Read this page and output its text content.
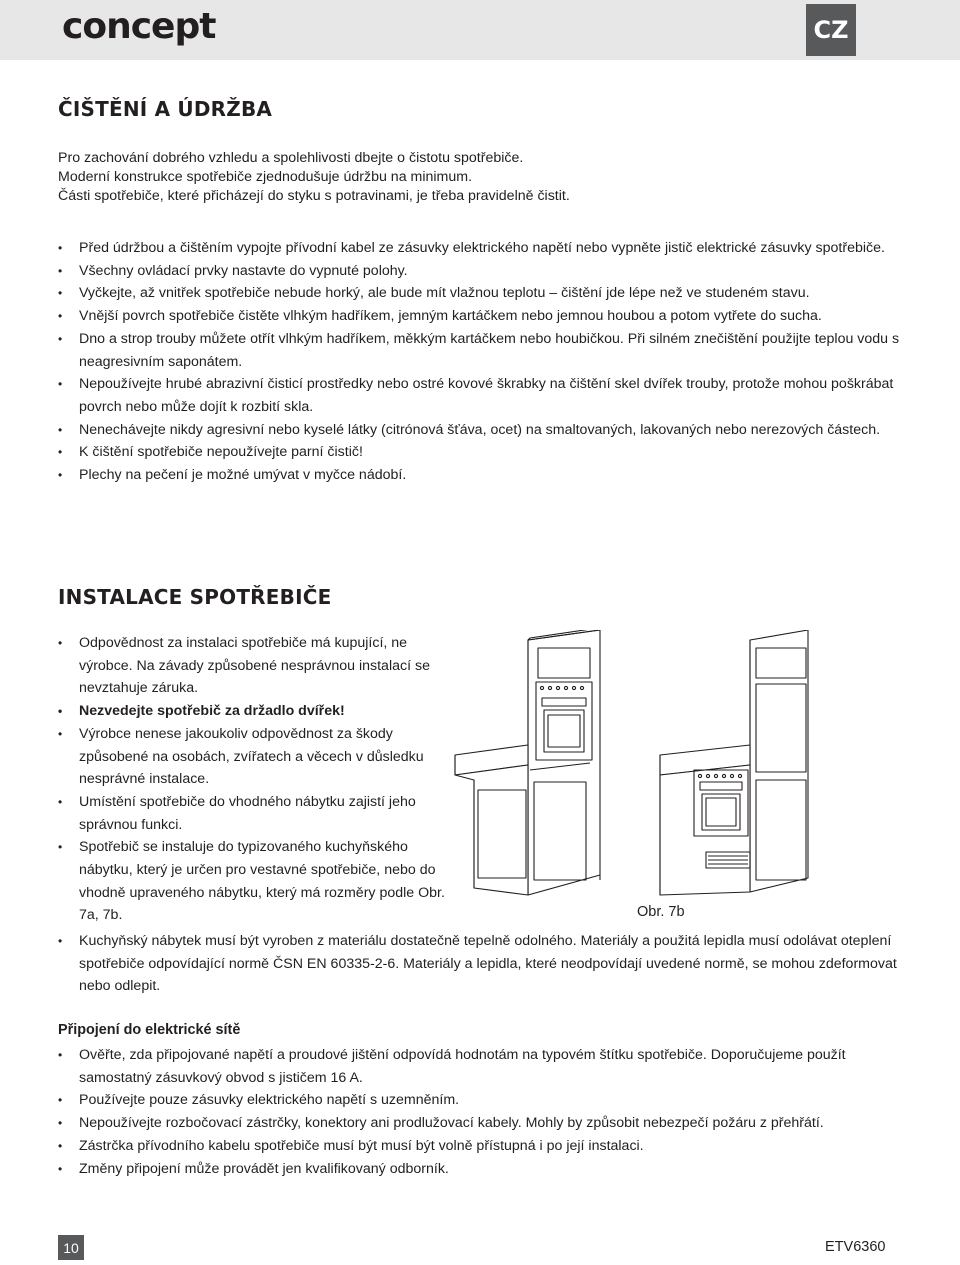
concept	CZ
ČIŠTĚNÍ A ÚDRŽBA

Pro zachování dobrého vzhledu a spolehlivosti dbejte o čistotu spotřebiče.
Moderní konstrukce spotřebiče zjednodušuje údržbu na minimum.
Části spotřebiče, které přicházejí do styku s potravinami, je třeba pravidelně čistit.

• Před údržbou a čištěním vypojte přívodní kabel ze zásuvky elektrického napětí nebo vypněte jistič elektrické zásuvky spotřebiče.
• Všechny ovládací prvky nastavte do vypnuté polohy.
• Vyčkejte, až vnitřek spotřebiče nebude horký, ale bude mít vlažnou teplotu – čištění jde lépe než ve studeném stavu.
• Vnější povrch spotřebiče čistěte vlhkým hadříkem, jemným kartáčkem nebo jemnou houbou a potom vytřete do sucha.
• Dno a strop trouby můžete otřít vlhkým hadříkem, měkkým kartáčkem nebo houbičkou. Při silném znečištění použijte teplou vodu s neagresivním saponátem.
• Nepoužívejte hrubé abrazivní čisticí prostředky nebo ostré kovové škrabky na čištění skel dvířek trouby, protože mohou poškrábat povrch nebo může dojít k rozbití skla.
• Nenechávejte nikdy agresivní nebo kyselé látky (citrónová šťáva, ocet) na smaltovaných, lakovaných nebo nerezových částech.
• K čištění spotřebiče nepoužívejte parní čistič!
• Plechy na pečení je možné umývat v myčce nádobí.
INSTALACE SPOTŘEBIČE
• Odpovědnost za instalaci spotřebiče má kupující, ne výrobce. Na závady způsobené nesprávnou instalací se nevztahuje záruka.
• Nezvedejte spotřebič za držadlo dvířek!
• Výrobce nenese jakoukoliv odpovědnost za škody způsobené na osobách, zvířatech a věcech v důsledku nesprávné instalace.
• Umístění spotřebiče do vhodného nábytku zajistí jeho správnou funkci.
• Spotřebič se instaluje do typizovaného kuchyňského nábytku, který je určen pro vestavné spotřebiče, nebo do vhodně upraveného nábytku, který má rozměry podle Obr. 7a, 7b.
• Kuchyňský nábytek musí být vyroben z materiálu dostatečně tepelně odolného. Materiály a použitá lepidla musí odolávat oteplení spotřebiče odpovídající normě ČSN EN 60335-2-6. Materiály a lepidla, které neodpovídají uvedené normě, se mohou zdeformovat nebo odlepit.
Obr. 7b
Připojení do elektrické sítě
• Ověřte, zda připojované napětí a proudové jištění odpovídá hodnotám na typovém štítku spotřebiče. Doporučujeme použít samostatný zásuvkový obvod s jističem 16 A.
• Používejte pouze zásuvky elektrického napětí s uzemněním.
• Nepoužívejte rozbočovací zástrčky, konektory ani prodlužovací kabely. Mohly by způsobit nebezpečí požáru z přehřátí.
• Zástrčka přívodního kabelu spotřebiče musí být musí být volně přístupná i po její instalaci.
• Změny připojení může provádět jen kvalifikovaný odborník.
10	ETV6360
